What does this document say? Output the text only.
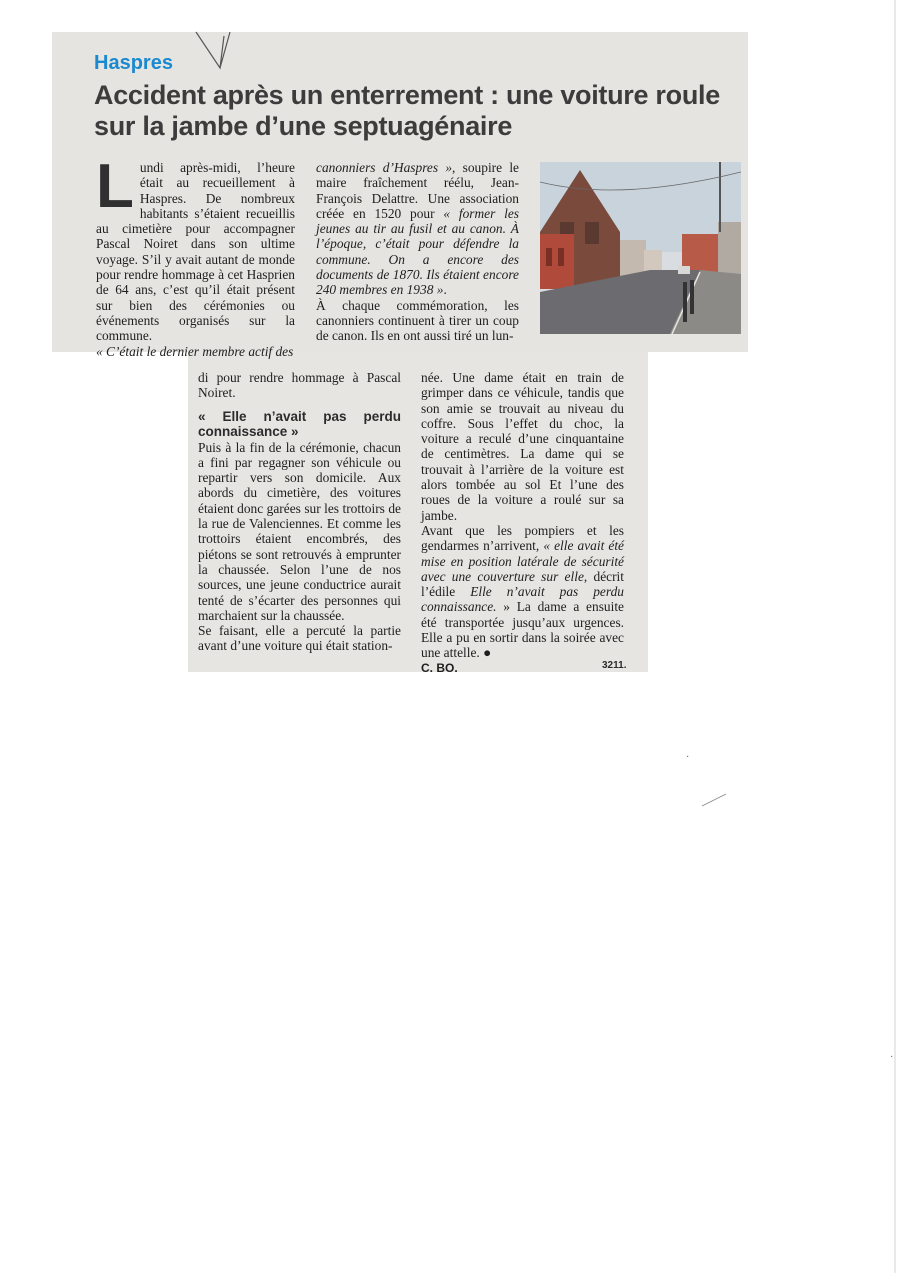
Haspres
Accident après un enterrement : une voiture roule sur la jambe d’une septuagénaire

L undi après-midi, l’heure était au recueillement à Haspres. De nombreux habitants s’étaient recueillis au cimetière pour accompagner Pascal Noiret dans son ultime voyage. S’il y avait autant de monde pour rendre hommage à cet Hasprien de 64 ans, c’est qu’il était présent sur bien des cérémonies ou événements organisés sur la commune.
« C’était le dernier membre actif des

canonniers d’Haspres », soupire le maire fraîchement réélu, Jean-François Delattre. Une association créée en 1520 pour « former les jeunes au tir au fusil et au canon. À l’époque, c’était pour défendre la commune. On a encore des documents de 1870. Ils étaient encore 240 membres en 1938 ».

À chaque commémoration, les canonniers continuent à tirer un coup de canon. Ils en ont aussi tiré un lun-

di pour rendre hommage à Pascal Noiret.

« Elle n’avait pas perdu connaissance »

Puis à la fin de la cérémonie, chacun a fini par regagner son véhicule ou repartir vers son domicile. Aux abords du cimetière, des voitures étaient donc garées sur les trottoirs de la rue de Valenciennes. Et comme les trottoirs étaient encombrés, des piétons se sont retrouvés à emprunter la chaussée. Selon l’une de nos sources, une jeune conductrice aurait tenté de s’écarter des personnes qui marchaient sur la chaussée.

Se faisant, elle a percuté la partie avant d’une voiture qui était station-

née. Une dame était en train de grimper dans ce véhicule, tandis que son amie se trouvait au niveau du coffre. Sous l’effet du choc, la voiture a reculé d’une cinquantaine de centimètres. La dame qui se trouvait à l’arrière de la voiture est alors tombée au sol Et l’une des roues de la voiture a roulé sur sa jambe.

Avant que les pompiers et les gendarmes n’arrivent, « elle avait été mise en position latérale de sécurité avec une couverture sur elle, décrit l’édile Elle n’avait pas perdu connaissance. » La dame a ensuite été transportée jusqu’aux urgences. Elle a pu en sortir dans la soirée avec une attelle. ●

C. BO.	3211.
·
·
